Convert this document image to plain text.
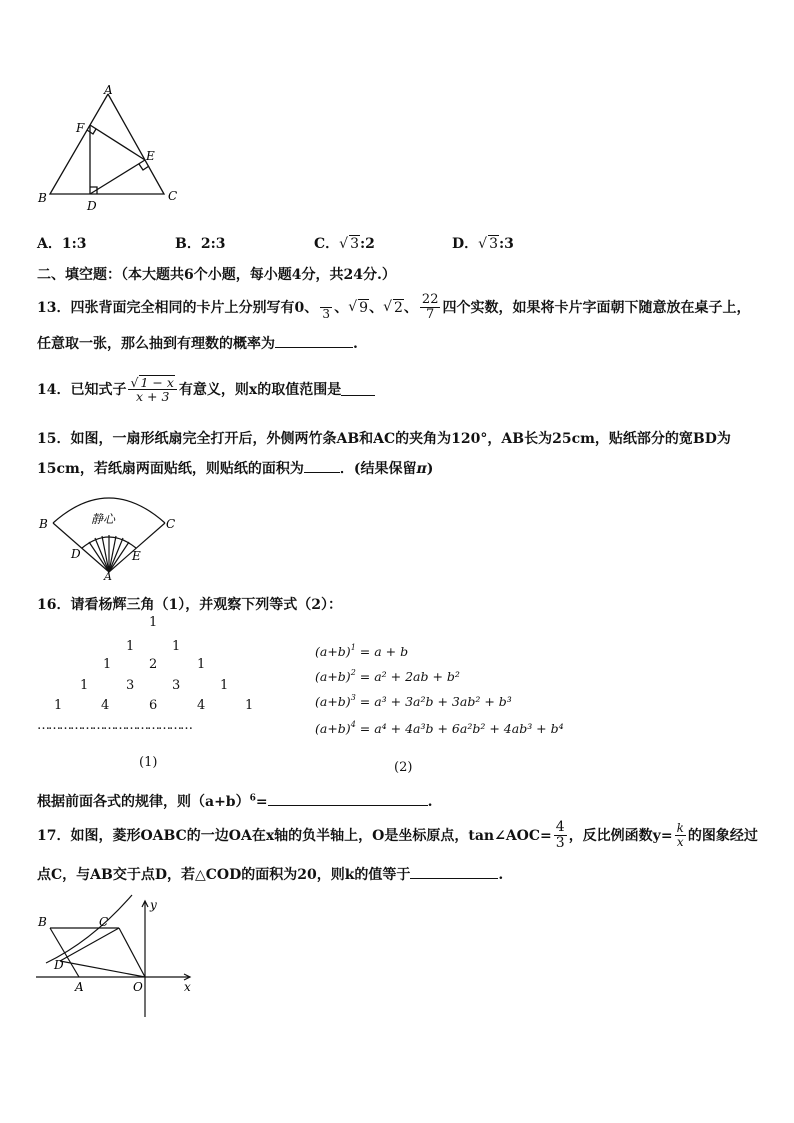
A
F
E
B	C
D
A．1:3	B．2:3	C．√ 3:2	D．√ 3:3
二、填空题：（本大题共6个小题，每小题4分，共24分.）
13． 四张背面完全相同的卡片上分别写有0、 3 、 √ 9 、 √ 2 、 $\frac{22}{7}$ 四个实数，如果将卡片字面朝下随意放在桌子上，
任意取一张，那么抽到有理数的概率为	.
14． 已知式子 $\frac{√ 1 - x}{x + 3}$ 有意义，则x的取值范围是
15．如图，一扇形纸扇完全打开后，外侧两竹条AB和AC的夹角为120°，AB长为25cm，贴纸部分的宽BD为
15cm，若纸扇两面贴纸，则贴纸的面积为	．(结果保留π)
静心
B	C
D	E
A
16．请看杨辉三角（1），并观察下列等式（2）：
1
1	1
1	2	1
1	3	3	1
1	4	6	4	1
……………………………………
(1)
$(a+b)^1 = a + b$
$(a+b)^2 = a^2 + 2ab + b^2$
$(a+b)^3 = a^3 + 3a^2b + 3ab^2 + b^3$
$(a+b)^4 = a^4 + 4a^3b + 6a^2b^2 + 4ab^3 + b^4$
(2)
根据前面各式的规律，则$(a+b)^6=$	.
17．如图，菱形OABC的一边OA在x轴的负半轴上，O是坐标原点，tan∠AOC= $\frac{4}{3}$ ，反比例函数$y= \frac{k}{x}$ 的图象经过
点C，与AB交于点D，若△COD的面积为20，则k的值等于	.
y
x
B	C
D
A	O
